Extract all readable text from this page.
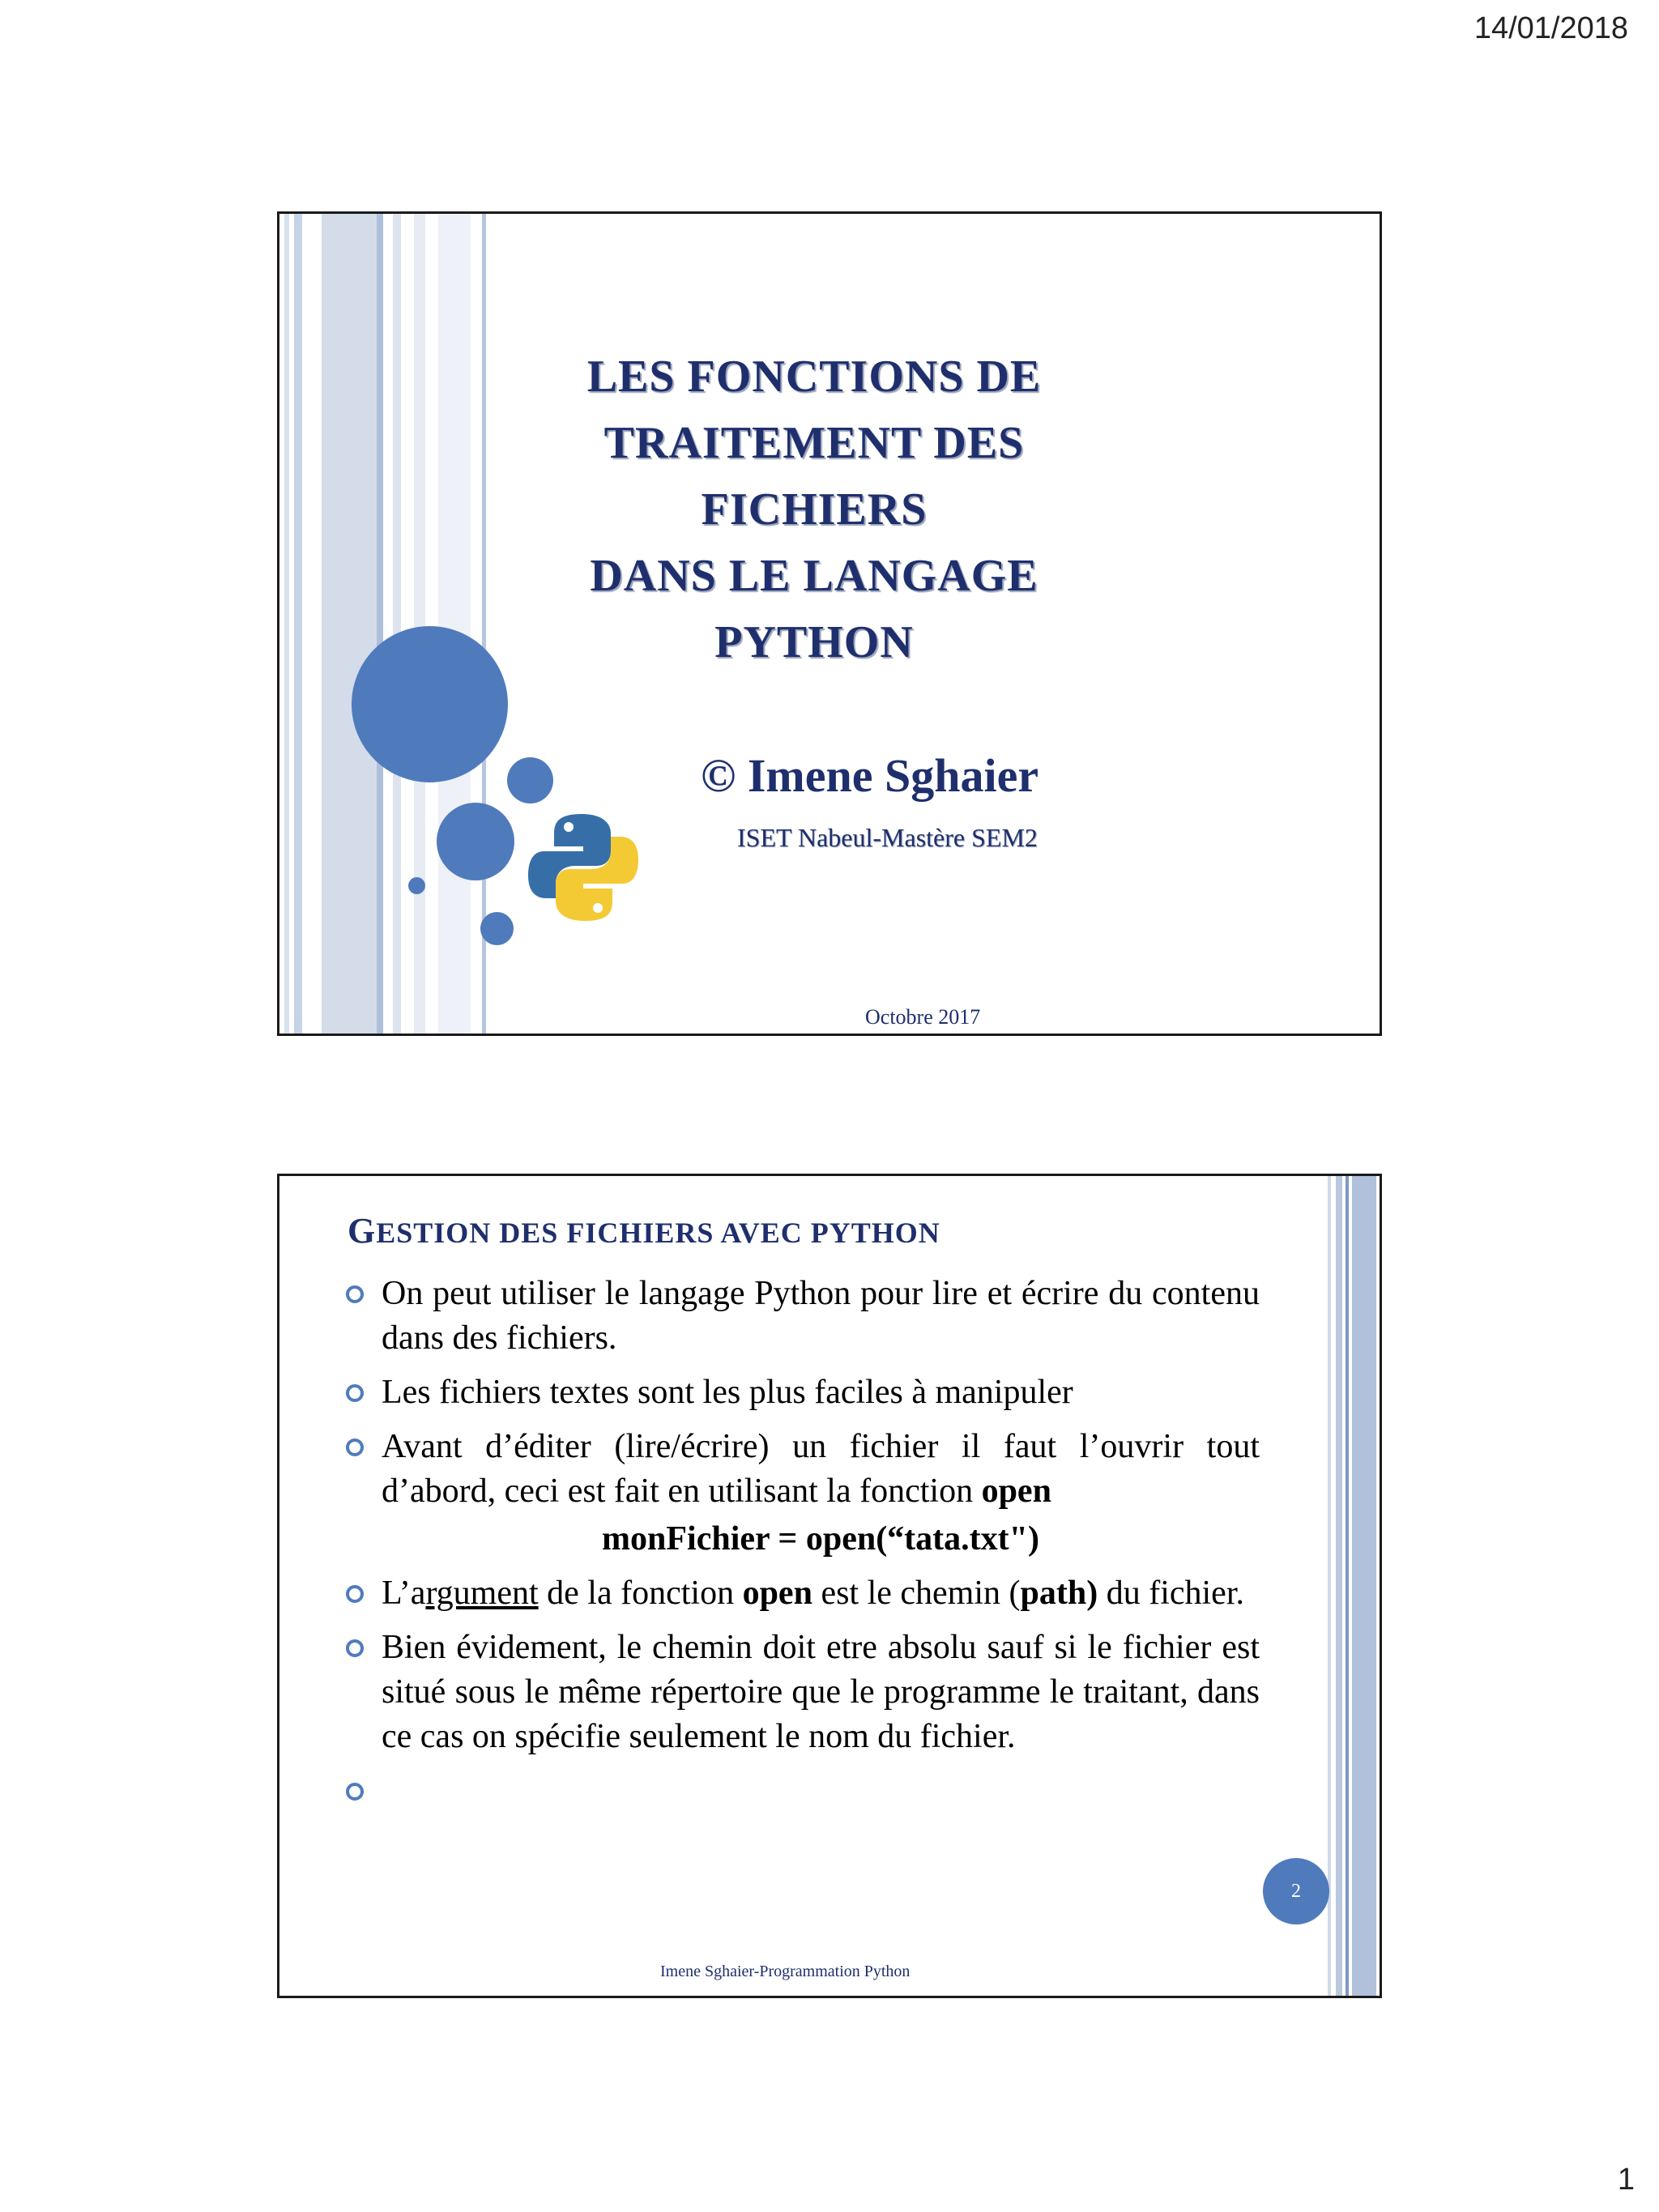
14/01/2018
LES FONCTIONS DE
TRAITEMENT DES FICHIERS
DANS LE LANGAGE PYTHON
© Imene Sghaier
ISET Nabeul-Mastère SEM2
Octobre 2017
GESTION DES FICHIERS AVEC PYTHON
On peut utiliser le langage Python pour lire et écrire du contenu dans des fichiers.
Les fichiers textes sont les plus faciles à manipuler
Avant d’éditer (lire/écrire) un fichier il faut l’ouvrir tout d’abord, ceci est fait en utilisant la fonction open
monFichier = open(“tata.txt")
L’argument de la fonction open est le chemin (path) du fichier.
Bien évidement, le chemin doit etre absolu sauf si le fichier est situé sous le même répertoire que le programme le traitant, dans ce cas on spécifie seulement le nom du fichier.
2
Imene Sghaier-Programmation Python
1
